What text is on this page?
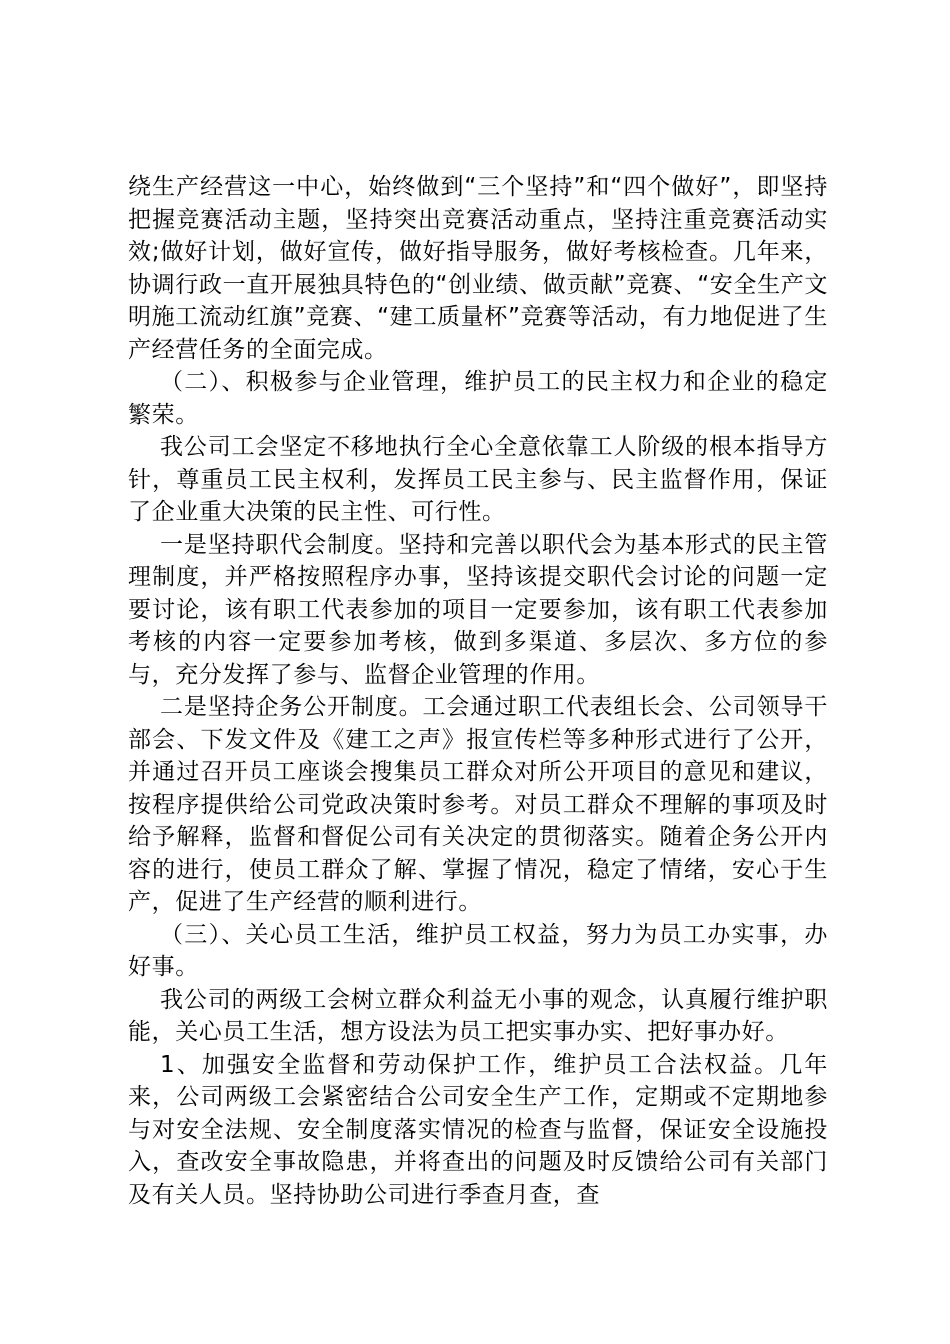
绕生产经营这一中心，始终做到“三个坚持”和“四个做好”，即坚持把握竞赛活动主题，坚持突出竞赛活动重点，坚持注重竞赛活动实效;做好计划，做好宣传，做好指导服务，做好考核检查。几年来，协调行政一直开展独具特色的“创业绩、做贡献”竞赛、“安全生产文明施工流动红旗”竞赛、“建工质量杯”竞赛等活动，有力地促进了生产经营任务的全面完成。

（二）、积极参与企业管理，维护员工的民主权力和企业的稳定繁荣。

我公司工会坚定不移地执行全心全意依靠工人阶级的根本指导方针，尊重员工民主权利，发挥员工民主参与、民主监督作用，保证了企业重大决策的民主性、可行性。

一是坚持职代会制度。坚持和完善以职代会为基本形式的民主管理制度，并严格按照程序办事，坚持该提交职代会讨论的问题一定要讨论，该有职工代表参加的项目一定要参加，该有职工代表参加考核的内容一定要参加考核，做到多渠道、多层次、多方位的参与，充分发挥了参与、监督企业管理的作用。

二是坚持企务公开制度。工会通过职工代表组长会、公司领导干部会、下发文件及《建工之声》报宣传栏等多种形式进行了公开，并通过召开员工座谈会搜集员工群众对所公开项目的意见和建议，按程序提供给公司党政决策时参考。对员工群众不理解的事项及时给予解释，监督和督促公司有关决定的贯彻落实。随着企务公开内容的进行，使员工群众了解、掌握了情况，稳定了情绪，安心于生产，促进了生产经营的顺利进行。

（三）、关心员工生活，维护员工权益，努力为员工办实事，办好事。

我公司的两级工会树立群众利益无小事的观念，认真履行维护职能，关心员工生活，想方设法为员工把实事办实、把好事办好。

1、加强安全监督和劳动保护工作，维护员工合法权益。几年来，公司两级工会紧密结合公司安全生产工作，定期或不定期地参与对安全法规、安全制度落实情况的检查与监督，保证安全设施投入，查改安全事故隐患，并将查出的问题及时反馈给公司有关部门及有关人员。坚持协助公司进行季查月查，查
